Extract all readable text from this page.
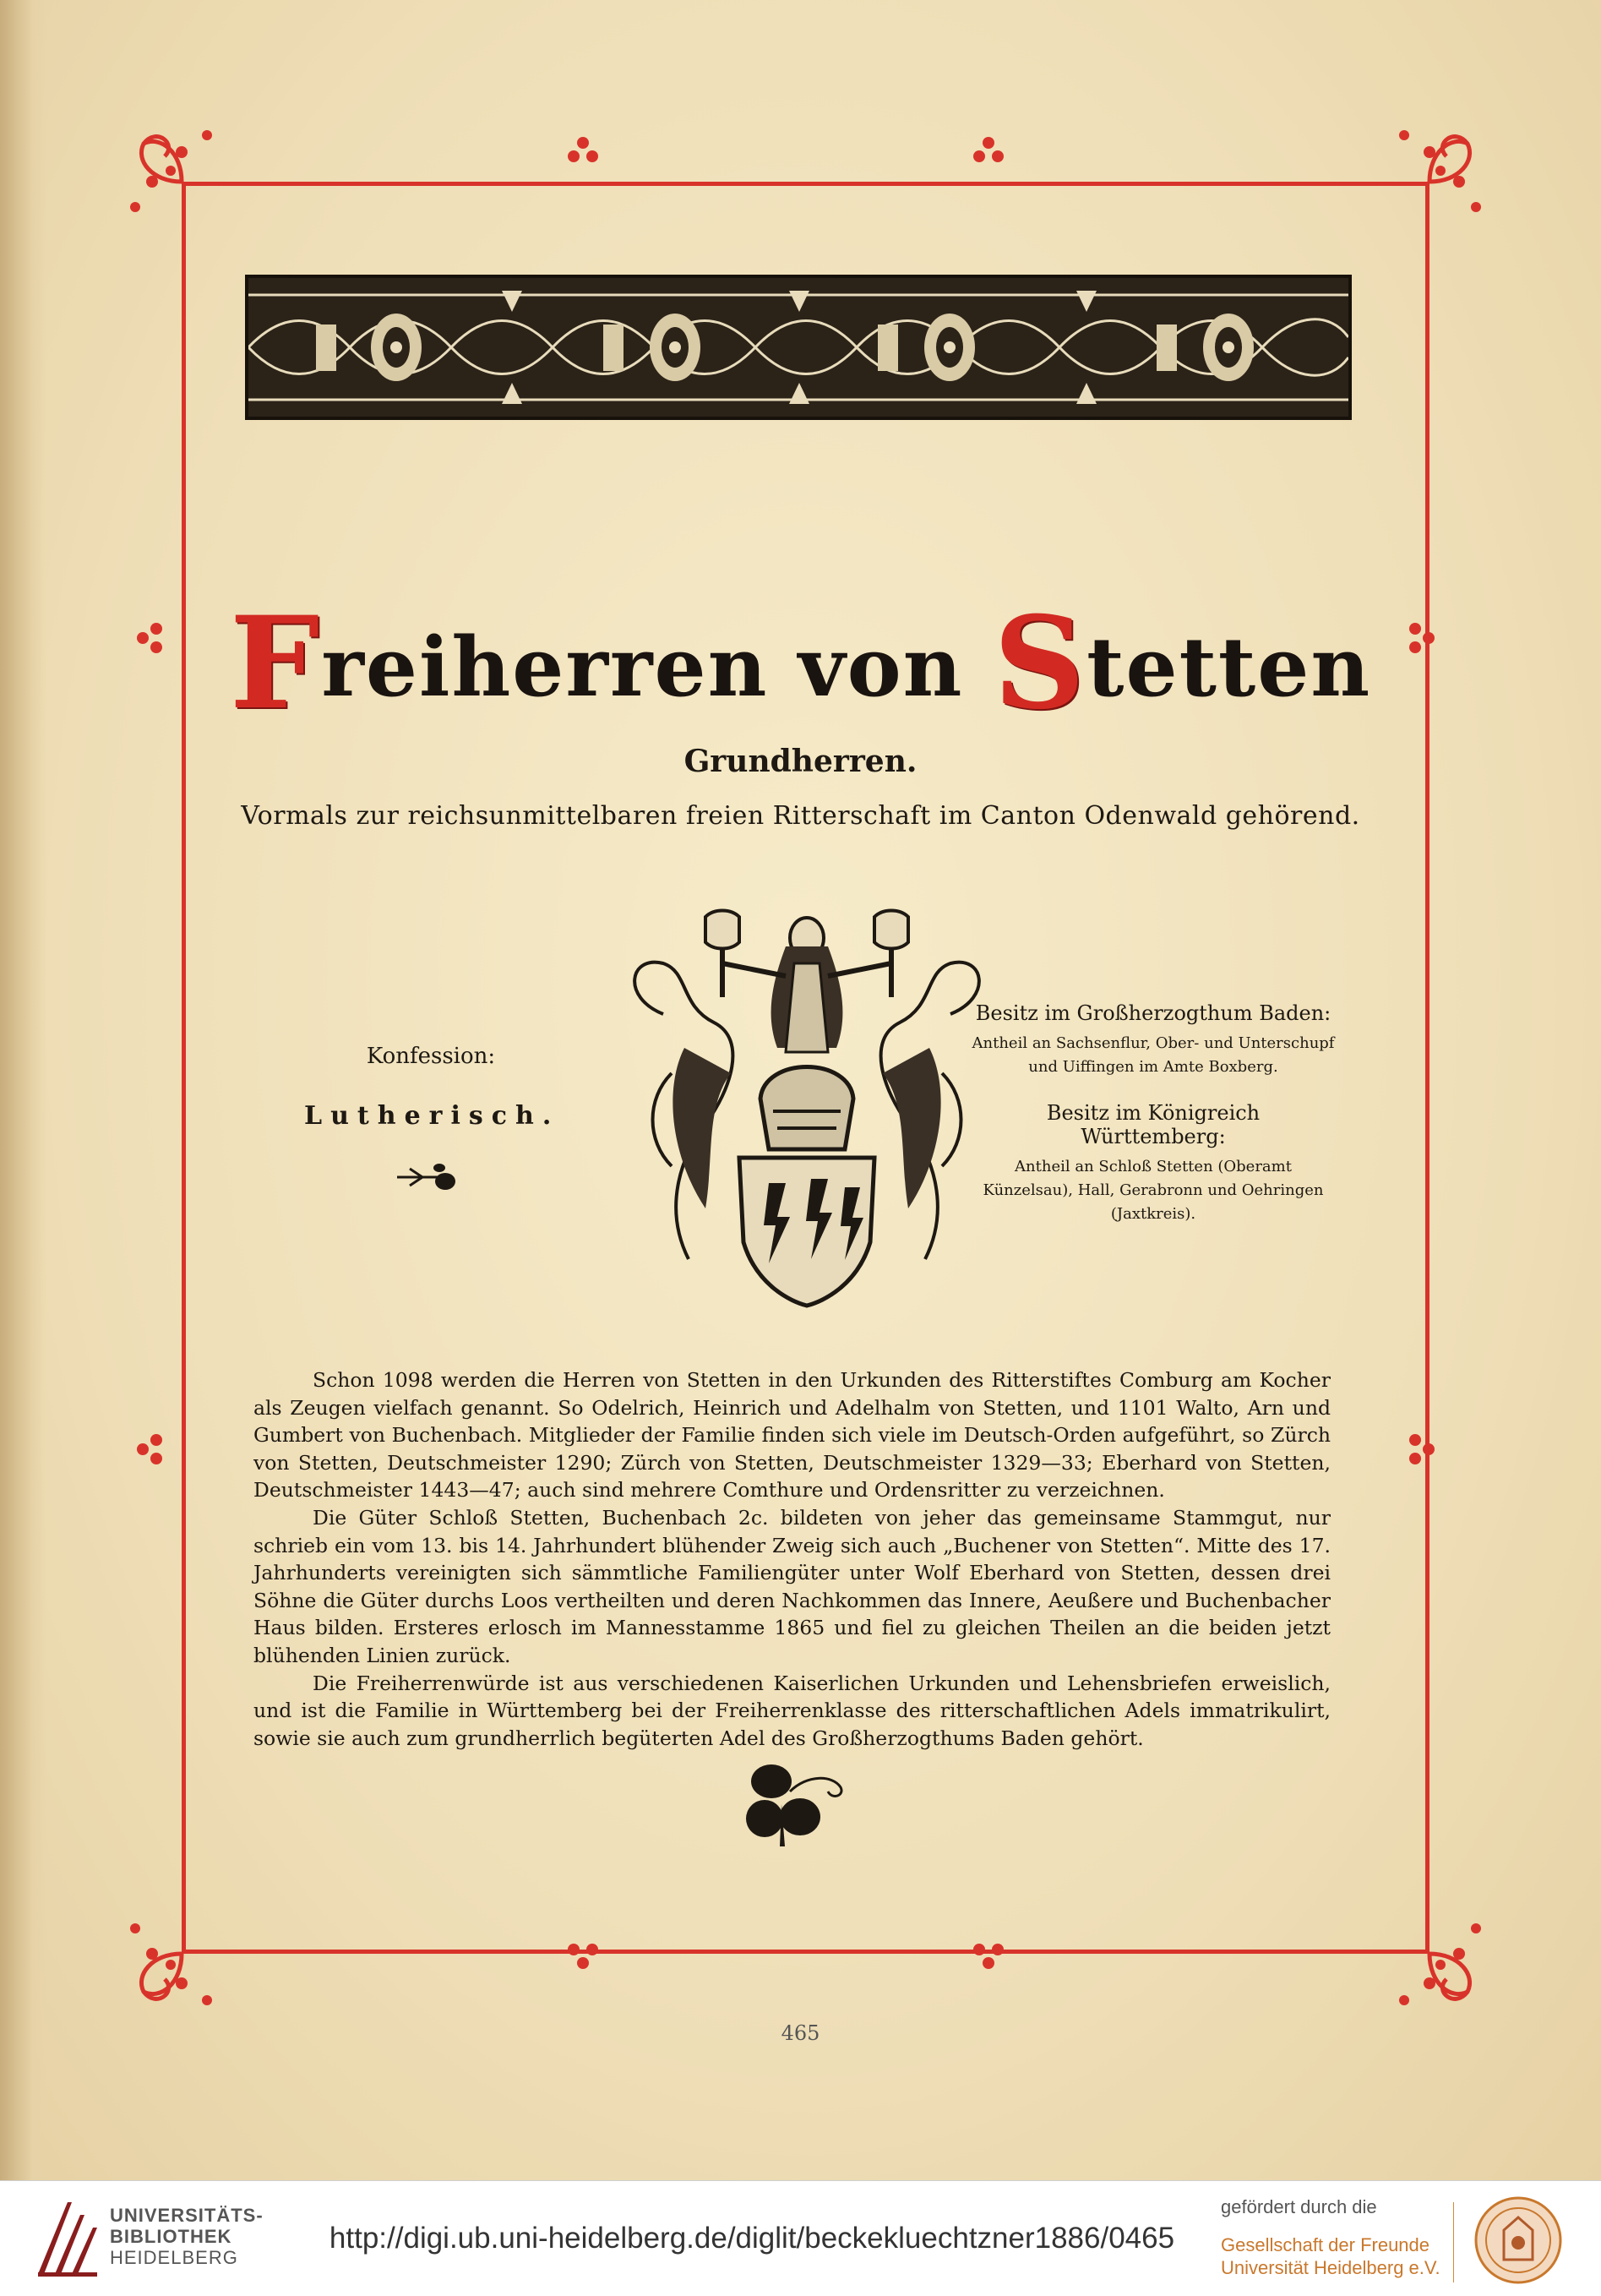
Freiherren von Stetten
Grundherren.
Vormals zur reichsunmittelbaren freien Ritterschaft im Canton Odenwald gehörend.
Konfession:
Lutherisch.
Besitz im Großherzogthum Baden:
Antheil an Sachsenflur, Ober- und Unterschupf und Uiffingen im Amte Boxberg.
Besitz im Königreich Württemberg:
Antheil an Schloß Stetten (Oberamt Künzelsau), Hall, Gerabronn und Oehringen (Jaxtkreis).

Schon 1098 werden die Herren von Stetten in den Urkunden des Ritterstiftes Comburg am Kocher als Zeugen vielfach genannt. So Odelrich, Heinrich und Adelhalm von Stetten, und 1101 Walto, Arn und Gumbert von Buchenbach. Mitglieder der Familie finden sich viele im Deutsch-Orden aufgeführt, so Zürch von Stetten, Deutschmeister 1290; Zürch von Stetten, Deutschmeister 1329—33; Eberhard von Stetten, Deutschmeister 1443—47; auch sind mehrere Comthure und Ordensritter zu verzeichnen.

Die Güter Schloß Stetten, Buchenbach 2c. bildeten von jeher das gemeinsame Stammgut, nur schrieb ein vom 13. bis 14. Jahrhundert blühender Zweig sich auch „Buchener von Stetten“. Mitte des 17. Jahrhunderts vereinigten sich sämmtliche Familiengüter unter Wolf Eberhard von Stetten, dessen drei Söhne die Güter durchs Loos vertheilten und deren Nachkommen das Innere, Aeußere und Buchenbacher Haus bilden. Ersteres erlosch im Mannesstamme 1865 und fiel zu gleichen Theilen an die beiden jetzt blühenden Linien zurück.

Die Freiherrenwürde ist aus verschiedenen Kaiserlichen Urkunden und Lehensbriefen erweislich, und ist die Familie in Württemberg bei der Freiherrenklasse des ritterschaftlichen Adels immatrikulirt, sowie sie auch zum grundherrlich begüterten Adel des Großherzogthums Baden gehört.

465
UNIVERSITÄTS-
BIBLIOTHEK
HEIDELBERG
http://digi.ub.uni-heidelberg.de/diglit/beckekluechtzner1886/0465
gefördert durch die
Gesellschaft der Freunde
Universität Heidelberg e.V.
